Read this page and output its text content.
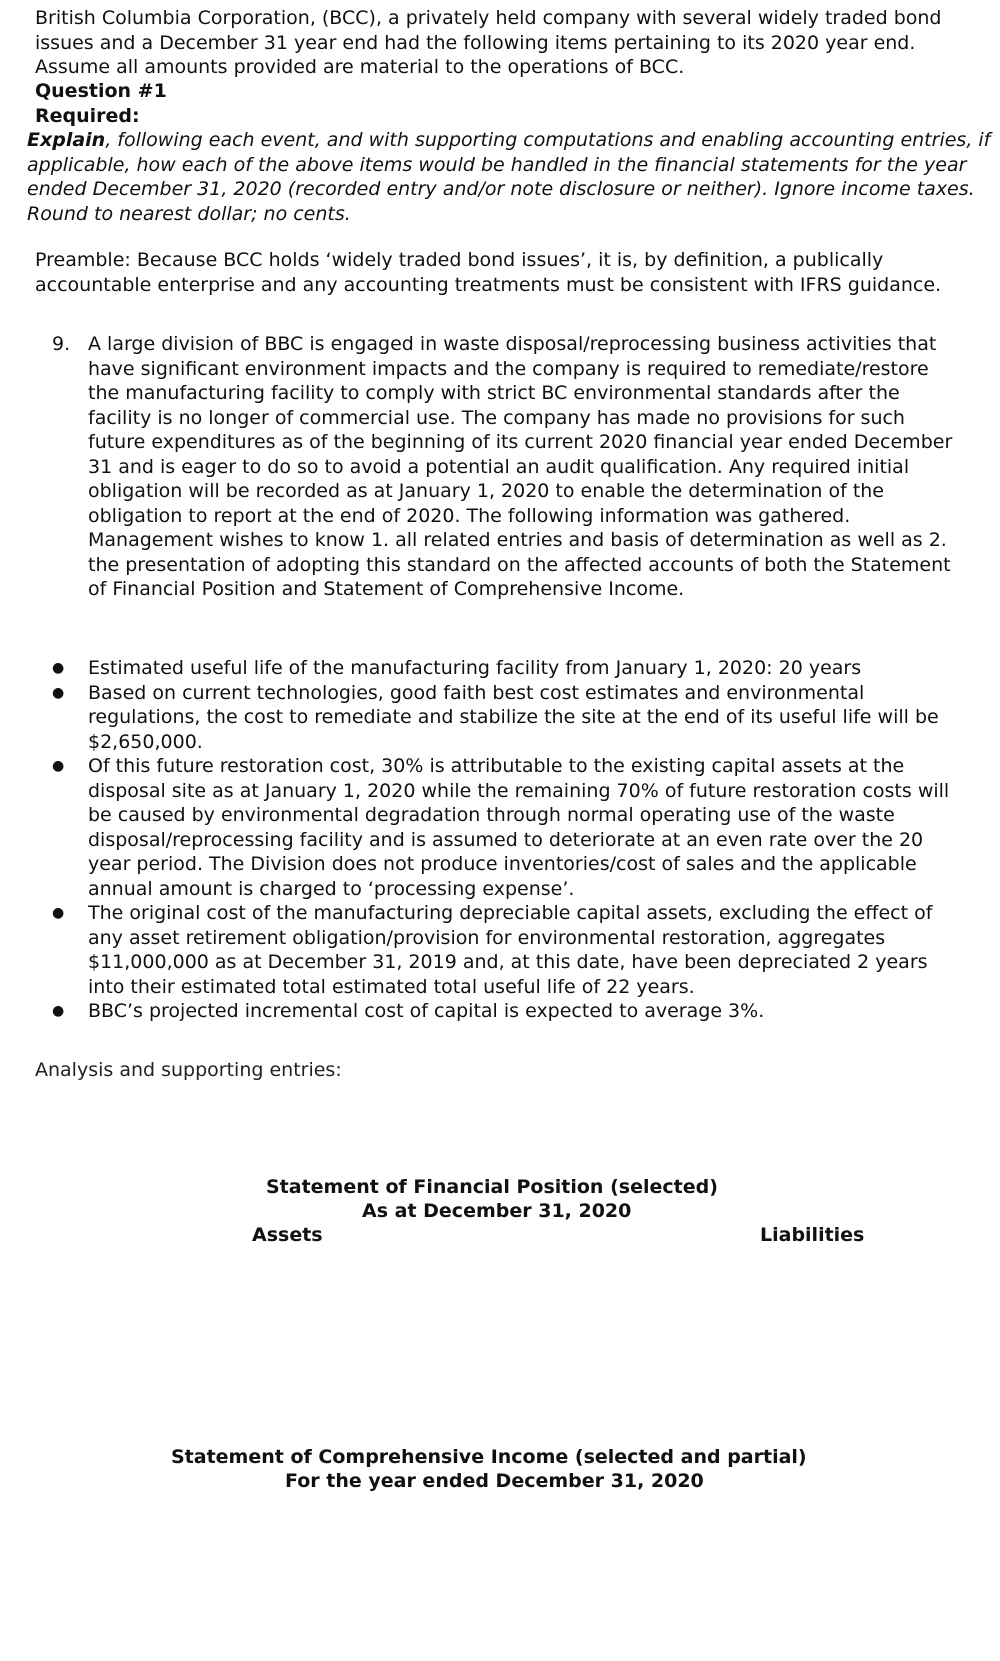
British Columbia Corporation, (BCC), a privately held company with several widely traded bond issues and a December 31 year end had the following items pertaining to its 2020 year end. Assume all amounts provided are material to the operations of BCC.

Question #1

Required:

Explain, following each event, and with supporting computations and enabling accounting entries, if applicable, how each of the above items would be handled in the financial statements for the year ended December 31, 2020 (recorded entry and/or note disclosure or neither). Ignore income taxes. Round to nearest dollar; no cents.

Preamble: Because BCC holds ‘widely traded bond issues’, it is, by definition, a publically accountable enterprise and any accounting treatments must be consistent with IFRS guidance.

9. A large division of BBC is engaged in waste disposal/reprocessing business activities that have significant environment impacts and the company is required to remediate/restore the manufacturing facility to comply with strict BC environmental standards after the facility is no longer of commercial use. The company has made no provisions for such future expenditures as of the beginning of its current 2020 financial year ended December 31 and is eager to do so to avoid a potential an audit qualification. Any required initial obligation will be recorded as at January 1, 2020 to enable the determination of the obligation to report at the end of 2020. The following information was gathered. Management wishes to know 1. all related entries and basis of determination as well as 2. the presentation of adopting this standard on the affected accounts of both the Statement of Financial Position and Statement of Comprehensive Income.
● Estimated useful life of the manufacturing facility from January 1, 2020: 20 years
● Based on current technologies, good faith best cost estimates and environmental regulations, the cost to remediate and stabilize the site at the end of its useful life will be $2,650,000.
● Of this future restoration cost, 30% is attributable to the existing capital assets at the disposal site as at January 1, 2020 while the remaining 70% of future restoration costs will be caused by environmental degradation through normal operating use of the waste disposal/reprocessing facility and is assumed to deteriorate at an even rate over the 20 year period. The Division does not produce inventories/cost of sales and the applicable annual amount is charged to ‘processing expense’.
● The original cost of the manufacturing depreciable capital assets, excluding the effect of any asset retirement obligation/provision for environmental restoration, aggregates $11,000,000 as at December 31, 2019 and, at this date, have been depreciated 2 years into their estimated total estimated total useful life of 22 years.
● BBC’s projected incremental cost of capital is expected to average 3%.

Analysis and supporting entries:

Statement of Financial Position (selected)

As at December 31, 2020

Assets	Liabilities

Statement of Comprehensive Income (selected and partial)

For the year ended December 31, 2020
